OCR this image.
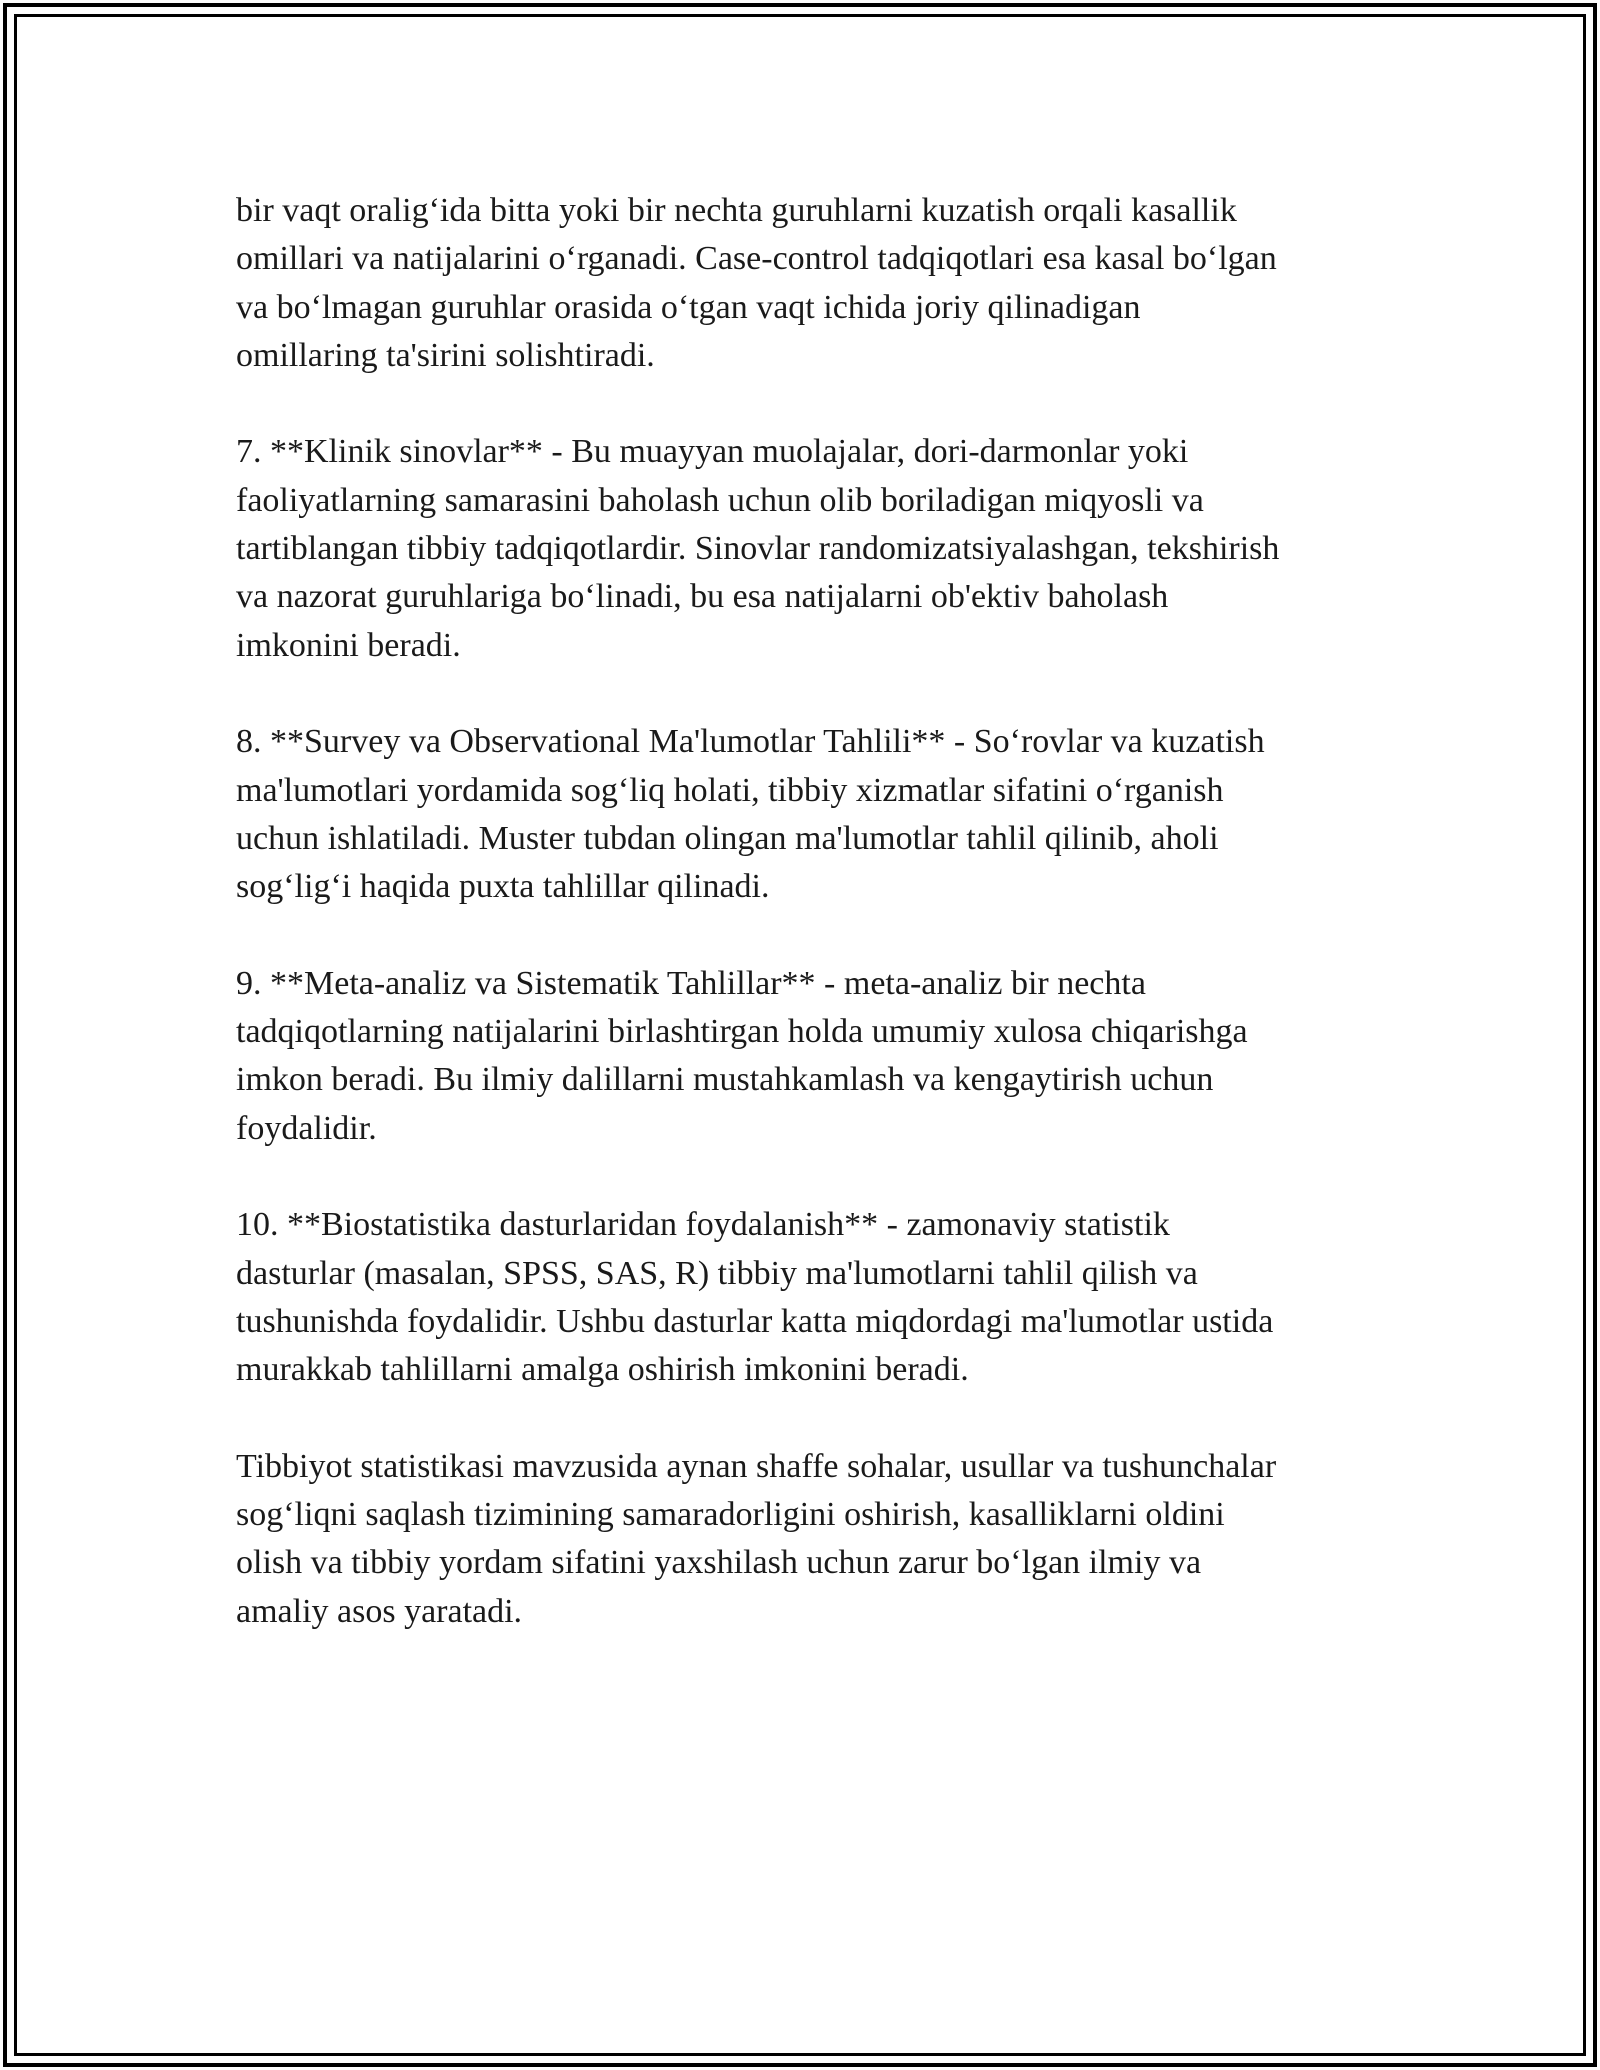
bir vaqt oralig‘ida bitta yoki bir nechta guruhlarni kuzatish orqali kasallik
omillari va natijalarini o‘rganadi. Case-control tadqiqotlari esa kasal bo‘lgan
va bo‘lmagan guruhlar orasida o‘tgan vaqt ichida joriy qilinadigan
omillaring ta'sirini solishtiradi.

7. **Klinik sinovlar** - Bu muayyan muolajalar, dori-darmonlar yoki
faoliyatlarning samarasini baholash uchun olib boriladigan miqyosli va
tartiblangan tibbiy tadqiqotlardir. Sinovlar randomizatsiyalashgan, tekshirish
va nazorat guruhlariga bo‘linadi, bu esa natijalarni ob'ektiv baholash
imkonini beradi.

8. **Survey va Observational Ma'lumotlar Tahlili** - So‘rovlar va kuzatish
ma'lumotlari yordamida sog‘liq holati, tibbiy xizmatlar sifatini o‘rganish
uchun ishlatiladi. Muster tubdan olingan ma'lumotlar tahlil qilinib, aholi
sog‘lig‘i haqida puxta tahlillar qilinadi.

9. **Meta-analiz va Sistematik Tahlillar** - meta-analiz bir nechta
tadqiqotlarning natijalarini birlashtirgan holda umumiy xulosa chiqarishga
imkon beradi. Bu ilmiy dalillarni mustahkamlash va kengaytirish uchun
foydalidir.

10. **Biostatistika dasturlaridan foydalanish** - zamonaviy statistik
dasturlar (masalan, SPSS, SAS, R) tibbiy ma'lumotlarni tahlil qilish va
tushunishda foydalidir. Ushbu dasturlar katta miqdordagi ma'lumotlar ustida
murakkab tahlillarni amalga oshirish imkonini beradi.

Tibbiyot statistikasi mavzusida aynan shaffe sohalar, usullar va tushunchalar
sog‘liqni saqlash tizimining samaradorligini oshirish, kasalliklarni oldini
olish va tibbiy yordam sifatini yaxshilash uchun zarur bo‘lgan ilmiy va
amaliy asos yaratadi.
